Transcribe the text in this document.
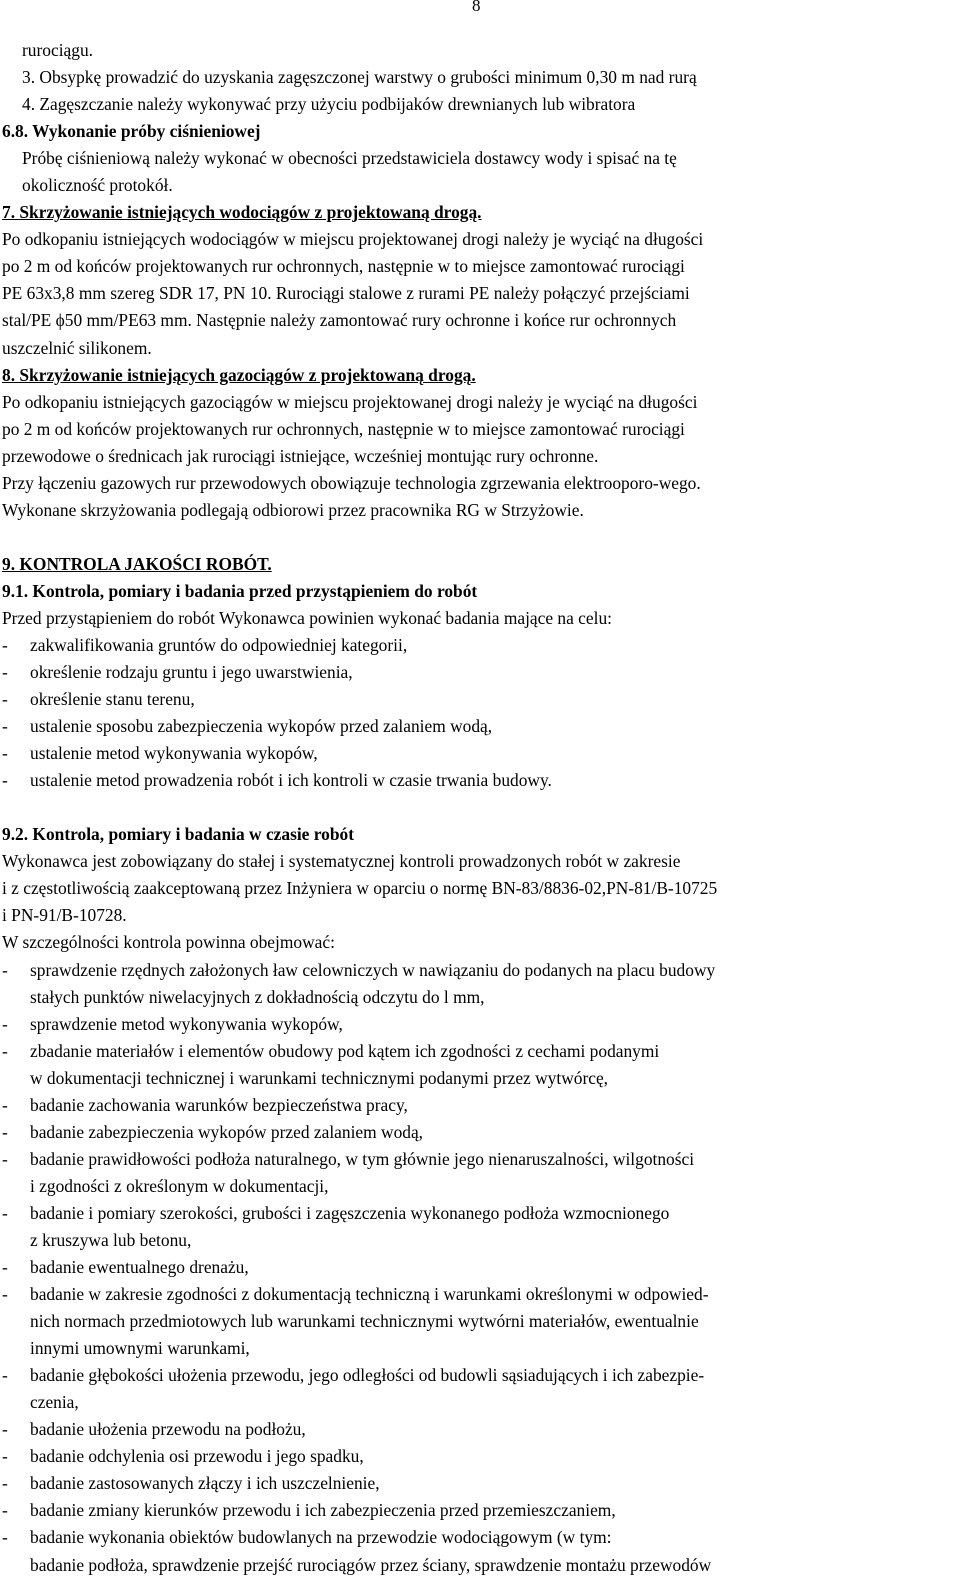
8
rurociągu.
3. Obsypkę prowadzić do uzyskania zagęszczonej warstwy o grubości minimum 0,30 m nad rurą
4. Zagęszczanie należy wykonywać przy użyciu podbijaków drewnianych lub wibratora
6.8. Wykonanie próby ciśnieniowej
Próbę ciśnieniową należy wykonać w obecności przedstawiciela dostawcy wody i spisać na tę
okoliczność protokół.
7. Skrzyżowanie istniejących wodociągów z projektowaną drogą.
Po odkopaniu istniejących wodociągów w miejscu projektowanej drogi należy je wyciąć na długości
po 2 m od końców projektowanych rur ochronnych, następnie w to miejsce zamontować rurociągi
PE 63x3,8 mm szereg SDR 17, PN 10. Rurociągi stalowe z rurami PE należy połączyć przejściami
stal/PE ϕ50 mm/PE63 mm. Następnie należy zamontować rury ochronne i końce rur ochronnych
uszczelnić silikonem.
8. Skrzyżowanie istniejących gazociągów z projektowaną drogą.
Po odkopaniu istniejących gazociągów w miejscu projektowanej drogi należy je wyciąć na długości
po 2 m od końców projektowanych rur ochronnych, następnie w to miejsce zamontować rurociągi
przewodowe o średnicach jak rurociągi istniejące, wcześniej montując rury ochronne.
Przy łączeniu gazowych rur przewodowych obowiązuje technologia zgrzewania elektrooporo-wego.
Wykonane skrzyżowania podlegają odbiorowi przez pracownika RG w Strzyżowie.
9. KONTROLA JAKOŚCI ROBÓT.
9.1. Kontrola, pomiary i badania przed przystąpieniem do robót
Przed przystąpieniem do robót Wykonawca powinien wykonać badania mające na celu:
-	zakwalifikowania gruntów do odpowiedniej kategorii,
-	określenie rodzaju gruntu i jego uwarstwienia,
-	określenie stanu terenu,
-	ustalenie sposobu zabezpieczenia wykopów przed zalaniem wodą,
-	ustalenie metod wykonywania wykopów,
-	ustalenie metod prowadzenia robót i ich kontroli w czasie trwania budowy.
9.2. Kontrola, pomiary i badania w czasie robót
Wykonawca jest zobowiązany do stałej i systematycznej kontroli prowadzonych robót w zakresie
i z częstotliwością zaakceptowaną przez Inżyniera w oparciu o normę BN-83/8836-02,PN-81/B-10725
i PN-91/B-10728.
W szczególności kontrola powinna obejmować:
-	sprawdzenie rzędnych założonych ław celowniczych w nawiązaniu do podanych na placu budowy
stałych punktów niwelacyjnych z dokładnością odczytu do l mm,
-	sprawdzenie metod wykonywania wykopów,
-	zbadanie materiałów i elementów obudowy pod kątem ich zgodności z cechami podanymi
w dokumentacji technicznej i warunkami technicznymi podanymi przez wytwórcę,
-	badanie zachowania warunków bezpieczeństwa pracy,
-	badanie zabezpieczenia wykopów przed zalaniem wodą,
-	badanie prawidłowości podłoża naturalnego, w tym głównie jego nienaruszalności, wilgotności
i zgodności z określonym w dokumentacji,
-	badanie i pomiary szerokości, grubości i zagęszczenia wykonanego podłoża wzmocnionego
z kruszywa lub betonu,
-	badanie ewentualnego drenażu,
-	badanie w zakresie zgodności z dokumentacją techniczną i warunkami określonymi w odpowied-
nich normach przedmiotowych lub warunkami technicznymi wytwórni materiałów, ewentualnie
innymi umownymi warunkami,
-	badanie głębokości ułożenia przewodu, jego odległości od budowli sąsiadujących i ich zabezpie-
czenia,
-	badanie ułożenia przewodu na podłożu,
-	badanie odchylenia osi przewodu i jego spadku,
-	badanie zastosowanych złączy i ich uszczelnienie,
-	badanie zmiany kierunków przewodu i ich zabezpieczenia przed przemieszczaniem,
-	badanie wykonania obiektów budowlanych na przewodzie wodociągowym (w tym:
badanie podłoża, sprawdzenie przejść rurociągów przez ściany, sprawdzenie montażu przewodów
